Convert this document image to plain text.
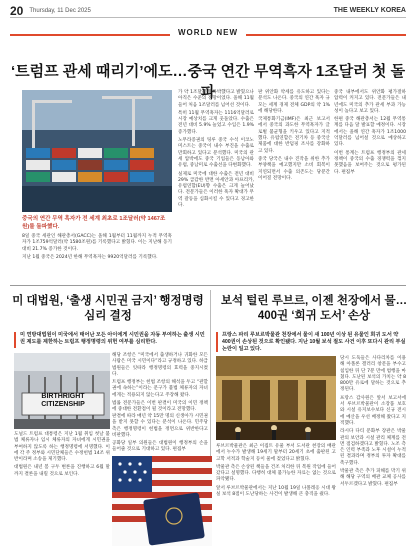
20 Thursday, 11 Dec 2025	THE WEEKLY KOREA
WORLD NEW
‘트럼프 관세 때리기’에도…중국 연간 무역흑자 1조달러 첫 돌파
중국의 연간 무역 흑자가 전 세계 최초로 1조달러(약 1467조원)를 돌파했다.

8일 중국 세관인 해관총서(GACC)는 올해 1월부터 11월까지 누적 무역흑자가 1조759억달러(약 1580조원)를 기록했다고 밝혔다. 이는 지난해 동기 대비 21.7% 증가한 것이다.

지난 1월 중국은 2024년 한해 무역흑자는 9920억달러를 기록했다.

가 약 1조달러에 육박했다고 밝혔으나 아직은 수준의 전망이었다. 올해 11월 들어 처음 1조달러를 넘어선 것이다.

특히 11월 무역흑자는 1116억달러로 시장 예상치를 크게 웃돌았다. 수출은 전년 대비 5.9% 늘었고 수입은 1.9% 증가했다.

노무라증권의 팅루 중국 수석 이코노미스트는 중국이 내수 부진을 수출로 만회하고 있다고 분석했다. 미국의 관세 압박에도 중국 기업들은 동남아와 유럽, 중남미로 수출선을 다변화했다.

실제로 미국에 대한 수출은 전년 대비 29% 급감한 반면 아세안과 아프리카, 유럽연합(EU)향 수출은 크게 늘어났다. 전문가들은 이러한 흑자 확대가 무역 갈등을 심화시킬 수 있다고 경고한다.

판 위안화 약세를 유도하고 있다는 분석도 나온다. 중국의 연간 흑자 규모는 세계 경제 전체 GDP의 약 1%에 해당한다.

국제통화기금(IMF)은 최근 보고서에서 중국의 과도한 무역흑자가 글로벌 불균형을 키우고 있다고 지적했다. 유럽연합은 전기차 등 중국산 제품에 대한 반덤핑 조사를 강화하고 있다.

중국 당국은 내수 진작을 위한 추가 부양책을 예고했지만 소비 회복이 지연되면서 수출 의존도는 당분간 이어질 전망이다.

중국 내부에서도 위안화 평가절하 압력이 커지고 있다. 전문가들은 내년에도 미국의 추가 관세 부과 가능성이 높다고 보고 있다.

한편 중국 해관총서는 12월 무역통계를 다음 달 발표할 예정이다. 시장에서는 올해 연간 흑자가 1조1000억달러를 넘어설 것으로 예상하고 있다.

이번 통계는 트럼프 행정부의 관세 정책이 중국의 수출 경쟁력을 꺾지 못했음을 보여주는 것으로 평가된다. 편집부

미 대법원, ‘출생 시민권 금지’ 행정명령 심리 결정
미 연방대법원이 미국에서 태어난 모든 아이에게 시민권을 자동 부여하는 출생 시민권 제도를 제한하는 트럼프 행정명령의 위헌 여부를 심리한다.
BIRTHRIGHT CITIZENSHIP

도널드 트럼프 대통령은 지난 1월 취임 첫날 불법 체류자나 임시 체류자의 자녀에게 시민권을 부여하지 않도록 하는 행정명령에 서명했다. 이에 각 주 정부와 시민단체들은 수정헌법 14조 위반이라며 소송을 제기했다.

대법원은 내년 봄 구두 변론을 진행하고 6월 말까지 결론을 내릴 것으로 보인다.

해당 조항은 “미국에서 출생하거나 귀화한 모든 사람은 미국 시민이다”라고 규정하고 있다. 하급 법원들은 잇따라 행정명령의 효력을 중지시켰다.

트럼프 행정부는 헌법 조항의 해석을 두고 “관할권에 속하는”이라는 문구가 불법 체류자의 자녀에게는 적용되지 않는다고 주장해 왔다.

법률 전문가들은 이번 판결이 미국의 이민 정책에 중대한 전환점이 될 것이라고 전망했다.

판결에 따라 매년 약 15만 명의 신생아가 시민권을 받지 못할 수 있다는 분석이 나온다. 민주당 측은 행정명령이 헌법을 정면으로 위반한다고 비판했다.

공화당 일부 의원들은 대법원이 행정부의 손을 들어줄 것으로 기대하고 있다. 편집부

보석 털린 루브르, 이젠 천장에서 물…400권 ‘희귀 도서’ 손상
프랑스 파리 루브르박물관 천장에서 물이 새 100년 이상 된 유물인 희귀 도서 약 400권이 손상된 것으로 확인됐다. 지난 10월 보석 절도 사건 이후 또다시 관리 부실 논란이 일고 있다.

루브르박물관은 최근 이집트 유물 부서 도서관 천장의 배관에서 누수가 발생해 19세기 말부터 20세기 초에 출판된 고고학 서적과 학술지 등이 물에 젖었다고 밝혔다.

박물관 측은 손상된 책들을 건조 처리한 뒤 복원 작업에 들어갔다고 설명했다. 다행히 대체 불가능한 자료는 없는 것으로 파악됐다.

앞서 루브르박물관에서는 지난 10월 19일 나폴레옹 시대 왕실 보석 8점이 도난당하는 사건이 발생해 큰 충격을 줬다.

당시 도둑들은 사다리차를 이용해 아폴론 갤러리 창문을 부수고 침입한 뒤 단 7분 만에 범행을 마쳤다. 도난된 보석의 가치는 약 8800만 유로에 달하는 것으로 추정된다.

프랑스 감사원은 앞서 보고서에서 루브르박물관이 소장품 보호와 시설 유지보수보다 신규 전시에 예산을 우선 배정해 왔다고 지적했다.

라시다 다티 문화부 장관은 박물관의 보안과 시설 관리 체계를 전면 점검하겠다고 밝혔다. 노조 측은 인력 부족과 노후 시설이 누적된 결과라며 정부의 투자 확대를 촉구했다.

박물관 측은 추가 피해를 막기 위해 해당 구역의 배관 교체 공사를 서두르겠다고 밝혔다. 편집부
